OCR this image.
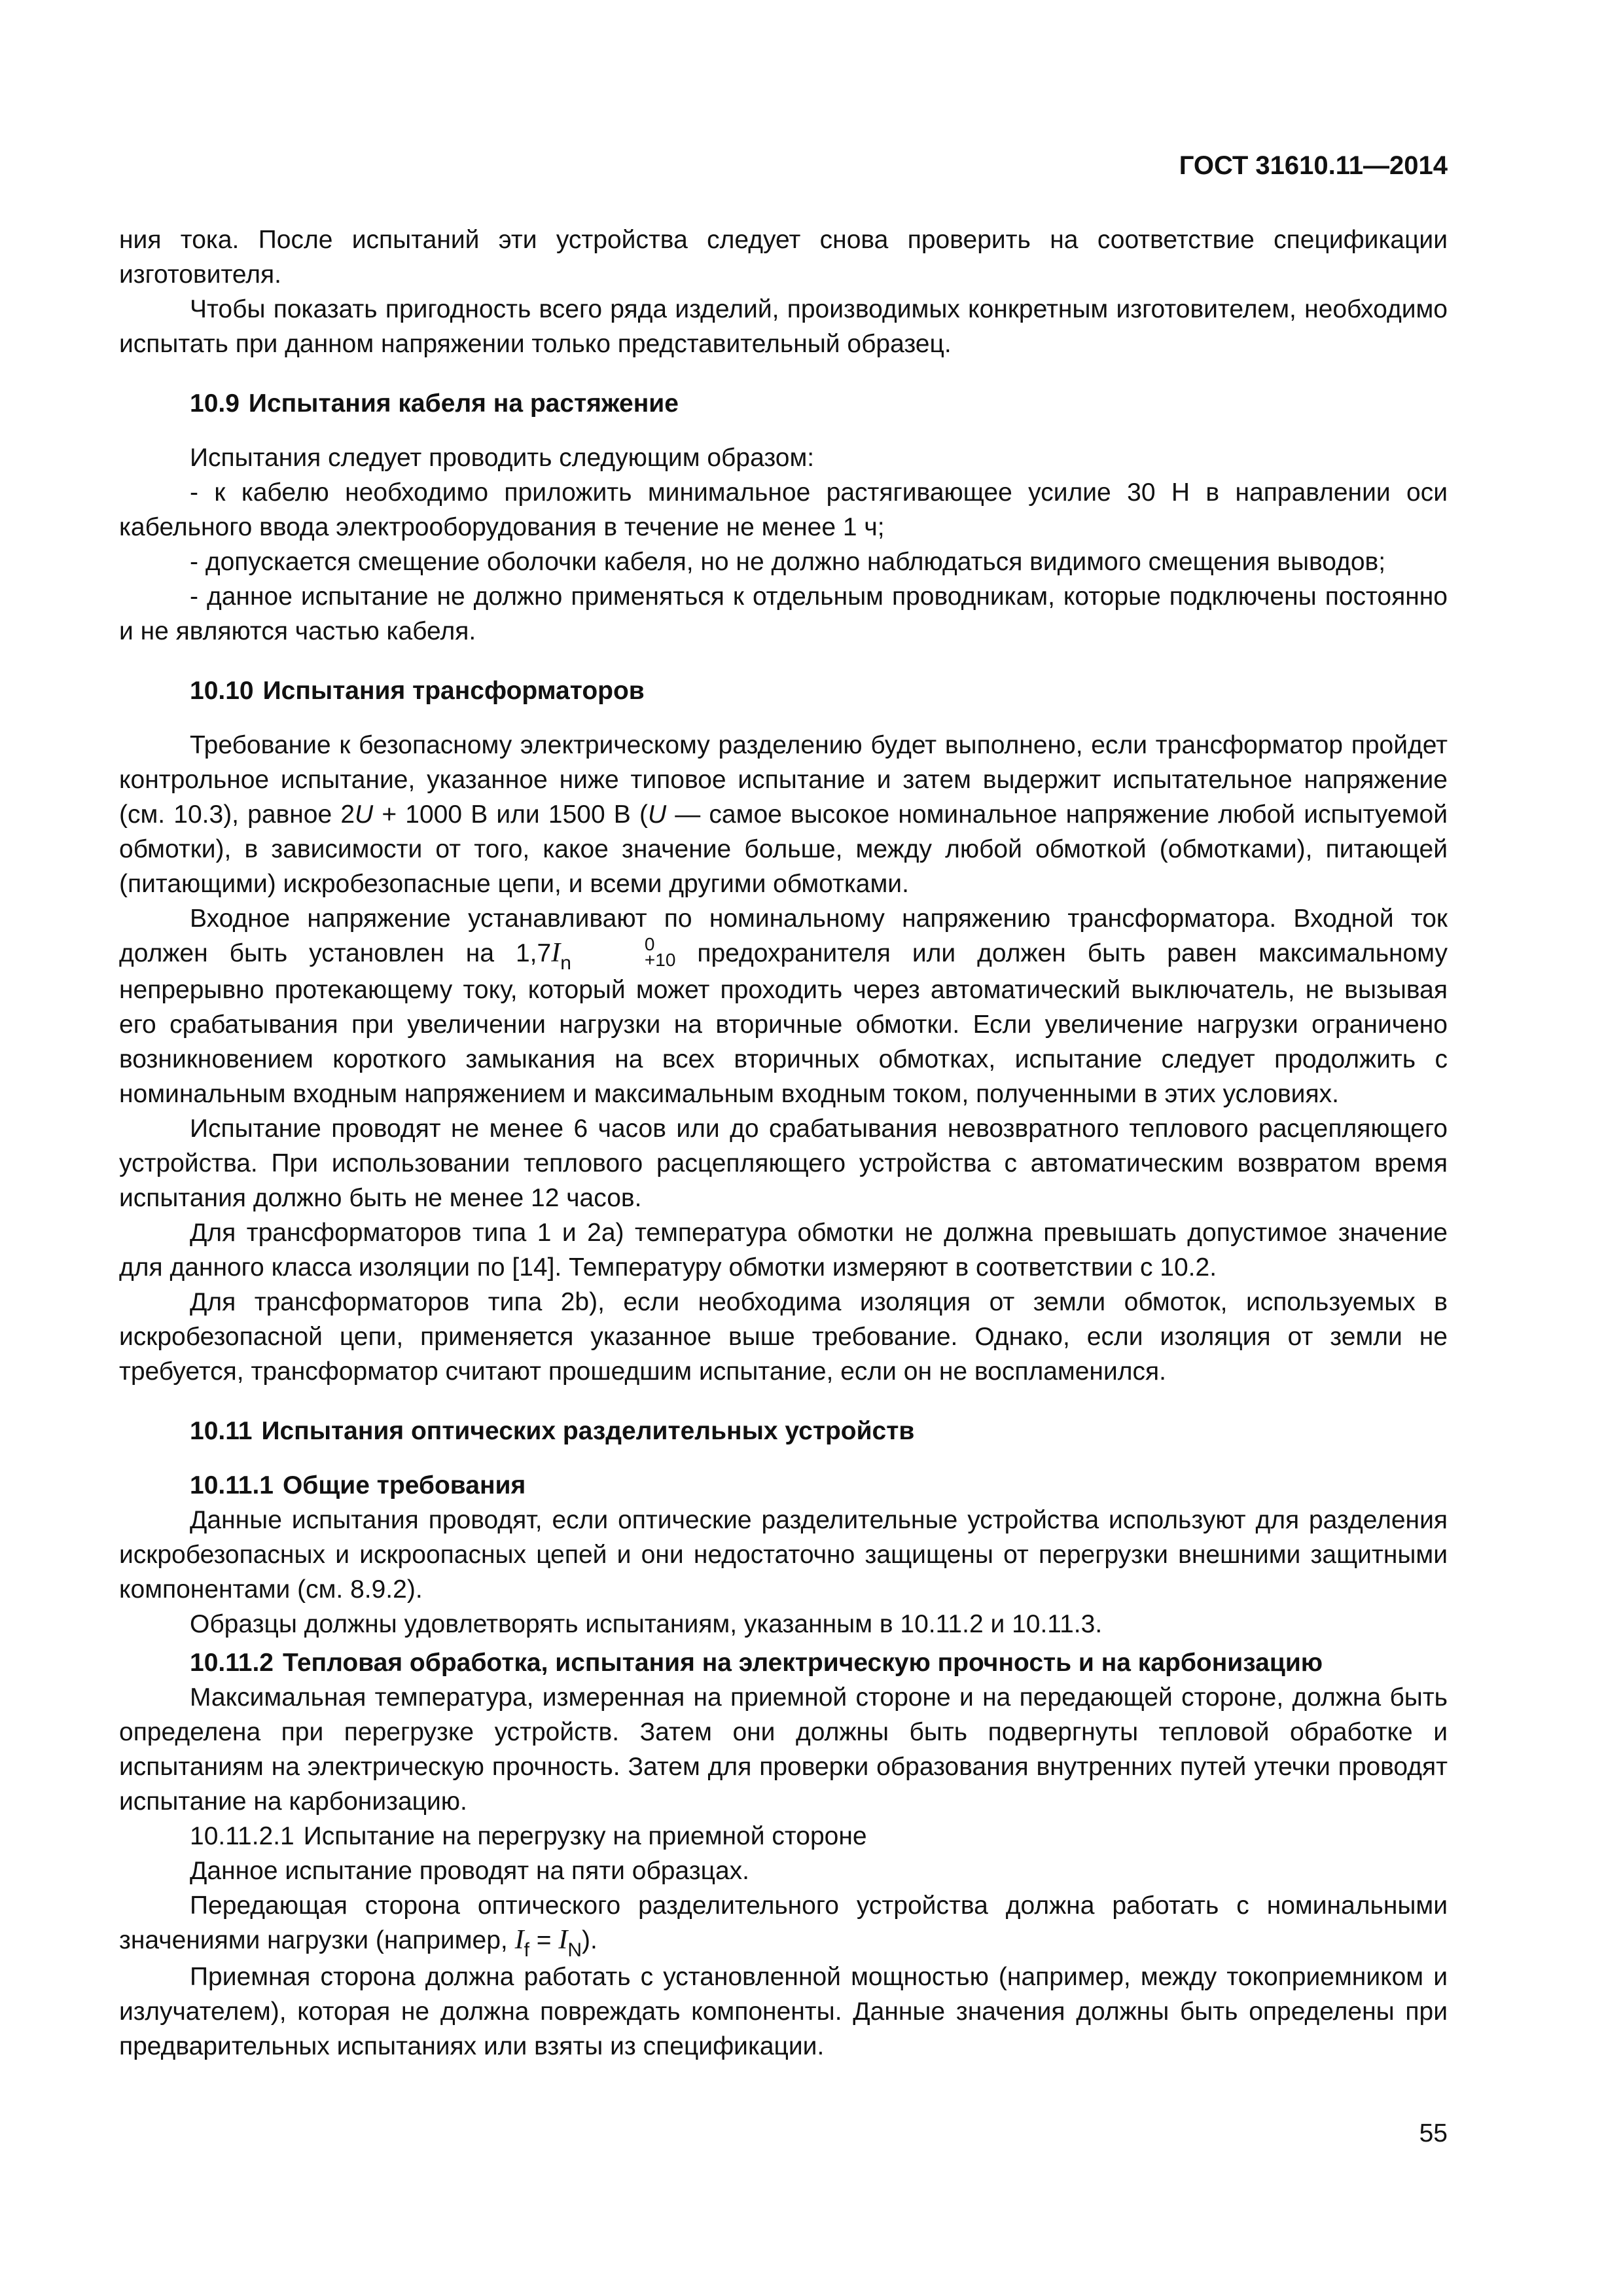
ГОСТ 31610.11—2014

ния тока. После испытаний эти устройства следует снова проверить на соответствие спецификации изготовителя.

Чтобы показать пригодность всего ряда изделий, производимых конкретным изготовителем, необходимо испытать при данном напряжении только представительный образец.

10.9 Испытания кабеля на растяжение

Испытания следует проводить следующим образом:

- к кабелю необходимо приложить минимальное растягивающее усилие 30 Н в направлении оси кабельного ввода электрооборудования в течение не менее 1 ч;

- допускается смещение оболочки кабеля, но не должно наблюдаться видимого смещения выводов;

- данное испытание не должно применяться к отдельным проводникам, которые подключены постоянно и не являются частью кабеля.

10.10 Испытания трансформаторов

Требование к безопасному электрическому разделению будет выполнено, если трансформатор пройдет контрольное испытание, указанное ниже типовое испытание и затем выдержит испытательное напряжение (см. 10.3), равное 2U + 1000 В или 1500 В (U — самое высокое номинальное напряжение любой испытуемой обмотки), в зависимости от того, какое значение больше, между любой обмоткой (обмотками), питающей (питающими) искробезопасные цепи, и всеми другими обмотками.

Входное напряжение устанавливают по номинальному напряжению трансформатора. Входной ток должен быть установлен на $1,7I_n$
0
+10 предохранителя или должен быть равен максимальному непрерывно протекающему току, который может проходить через автоматический выключатель, не вызывая его срабатывания при увеличении нагрузки на вторичные обмотки. Если увеличение нагрузки ограничено возникновением короткого замыкания на всех вторичных обмотках, испытание следует продолжить с номинальным входным напряжением и максимальным входным током, полученными в этих условиях.

Испытание проводят не менее 6 часов или до срабатывания невозвратного теплового расцепляющего устройства. При использовании теплового расцепляющего устройства с автоматическим возвратом время испытания должно быть не менее 12 часов.

Для трансформаторов типа 1 и 2а) температура обмотки не должна превышать допустимое значение для данного класса изоляции по [14]. Температуру обмотки измеряют в соответствии с 10.2.

Для трансформаторов типа 2b), если необходима изоляция от земли обмоток, используемых в искробезопасной цепи, применяется указанное выше требование. Однако, если изоляция от земли не требуется, трансформатор считают прошедшим испытание, если он не воспламенился.

10.11 Испытания оптических разделительных устройств
10.11.1 Общие требования

Данные испытания проводят, если оптические разделительные устройства используют для разделения искробезопасных и искроопасных цепей и они недостаточно защищены от перегрузки внешними защитными компонентами (см. 8.9.2).

Образцы должны удовлетворять испытаниям, указанным в 10.11.2 и 10.11.3.

10.11.2 Тепловая обработка, испытания на электрическую прочность и на карбонизацию

Максимальная температура, измеренная на приемной стороне и на передающей стороне, должна быть определена при перегрузке устройств. Затем они должны быть подвергнуты тепловой обработке и испытаниям на электрическую прочность. Затем для проверки образования внутренних путей утечки проводят испытание на карбонизацию.

10.11.2.1 Испытание на перегрузку на приемной стороне

Данное испытание проводят на пяти образцах.

Передающая сторона оптического разделительного устройства должна работать с номинальными значениями нагрузки (например, $I_f = I_N$).

Приемная сторона должна работать с установленной мощностью (например, между токоприемником и излучателем), которая не должна повреждать компоненты. Данные значения должны быть определены при предварительных испытаниях или взяты из спецификации.

55
